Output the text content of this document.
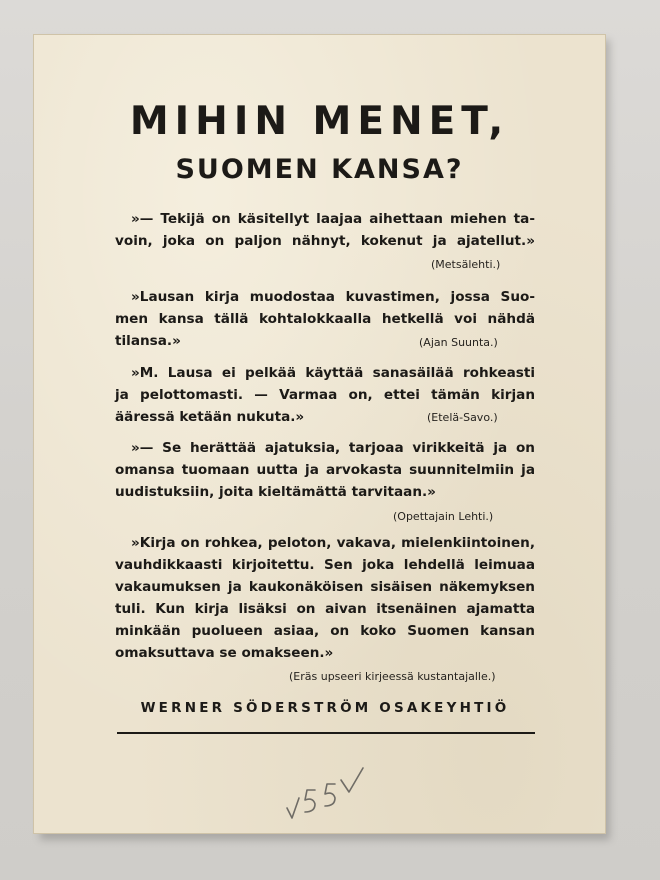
MIHIN MENET,
SUOMEN KANSA?
»— Tekijä on käsitellyt laajaa aihettaan miehen ta-
voin, joka on paljon nähnyt, kokenut ja ajatellut.»
(Metsälehti.)
»Lausan kirja muodostaa kuvastimen, jossa Suo-
men kansa tällä kohtalokkaalla hetkellä voi nähdä
tilansa.»	(Ajan Suunta.)
»M. Lausa ei pelkää käyttää sanasäilää rohkeasti
ja pelottomasti. — Varmaa on, ettei tämän kirjan
ääressä ketään nukuta.»	(Etelä-Savo.)
»— Se herättää ajatuksia, tarjoaa virikkeitä ja on
omansa tuomaan uutta ja arvokasta suunnitelmiin ja
uudistuksiin, joita kieltämättä tarvitaan.»
(Opettajain Lehti.)
»Kirja on rohkea, peloton, vakava, mielenkiintoinen,
vauhdikkaasti kirjoitettu. Sen joka lehdellä leimuaa
vakaumuksen ja kaukonäköisen sisäisen näkemyksen
tuli. Kun kirja lisäksi on aivan itsenäinen ajamatta
minkään puolueen asiaa, on koko Suomen kansan
omaksuttava se omakseen.»
(Eräs upseeri kirjeessä kustantajalle.)
WERNER SÖDERSTRÖM OSAKEYHTIÖ
